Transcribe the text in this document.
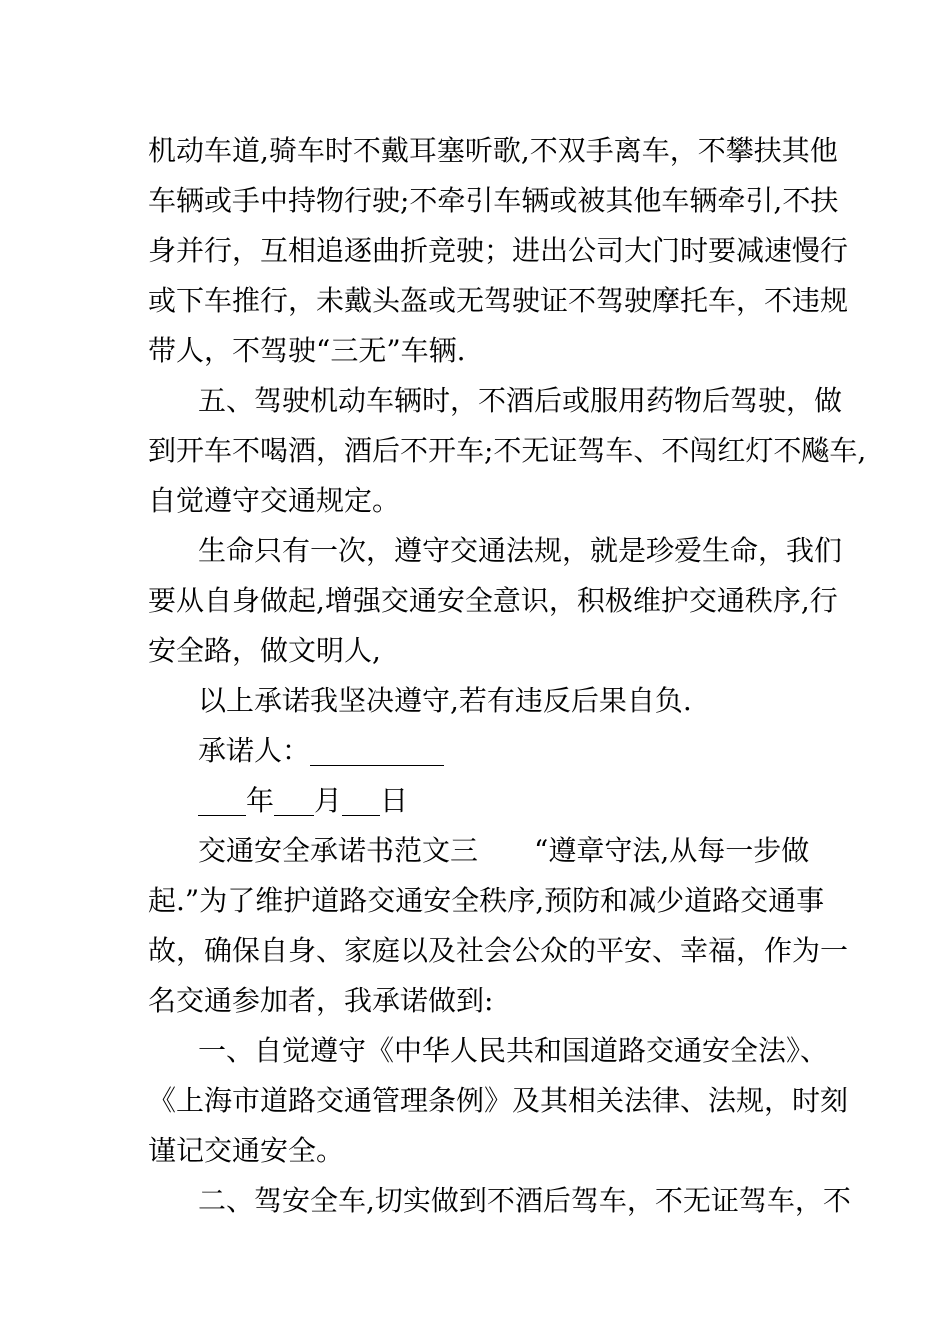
机动车道,骑车时不戴耳塞听歌,不双手离车，不攀扶其他
车辆或手中持物行驶;不牵引车辆或被其他车辆牵引,不扶
身并行，互相追逐曲折竞驶；进出公司大门时要减速慢行
或下车推行，未戴头盔或无驾驶证不驾驶摩托车，不违规
带人，不驾驶“三无”车辆.
五、驾驶机动车辆时，不酒后或服用药物后驾驶，做
到开车不喝酒，酒后不开车;不无证驾车、不闯红灯不飚车,
自觉遵守交通规定。
生命只有一次，遵守交通法规，就是珍爱生命，我们
要从自身做起,增强交通安全意识，积极维护交通秩序,行
安全路，做文明人,
以上承诺我坚决遵守,若有违反后果自负.
承诺人：
年 月 日
交通安全承诺书范文三　　“遵章守法,从每一步做
起.”为了维护道路交通安全秩序,预防和减少道路交通事
故，确保自身、家庭以及社会公众的平安、幸福，作为一
名交通参加者，我承诺做到:
一、自觉遵守《中华人民共和国道路交通安全法》、
《上海市道路交通管理条例》及其相关法律、法规，时刻
谨记交通安全。
二、驾安全车,切实做到不酒后驾车，不无证驾车，不
